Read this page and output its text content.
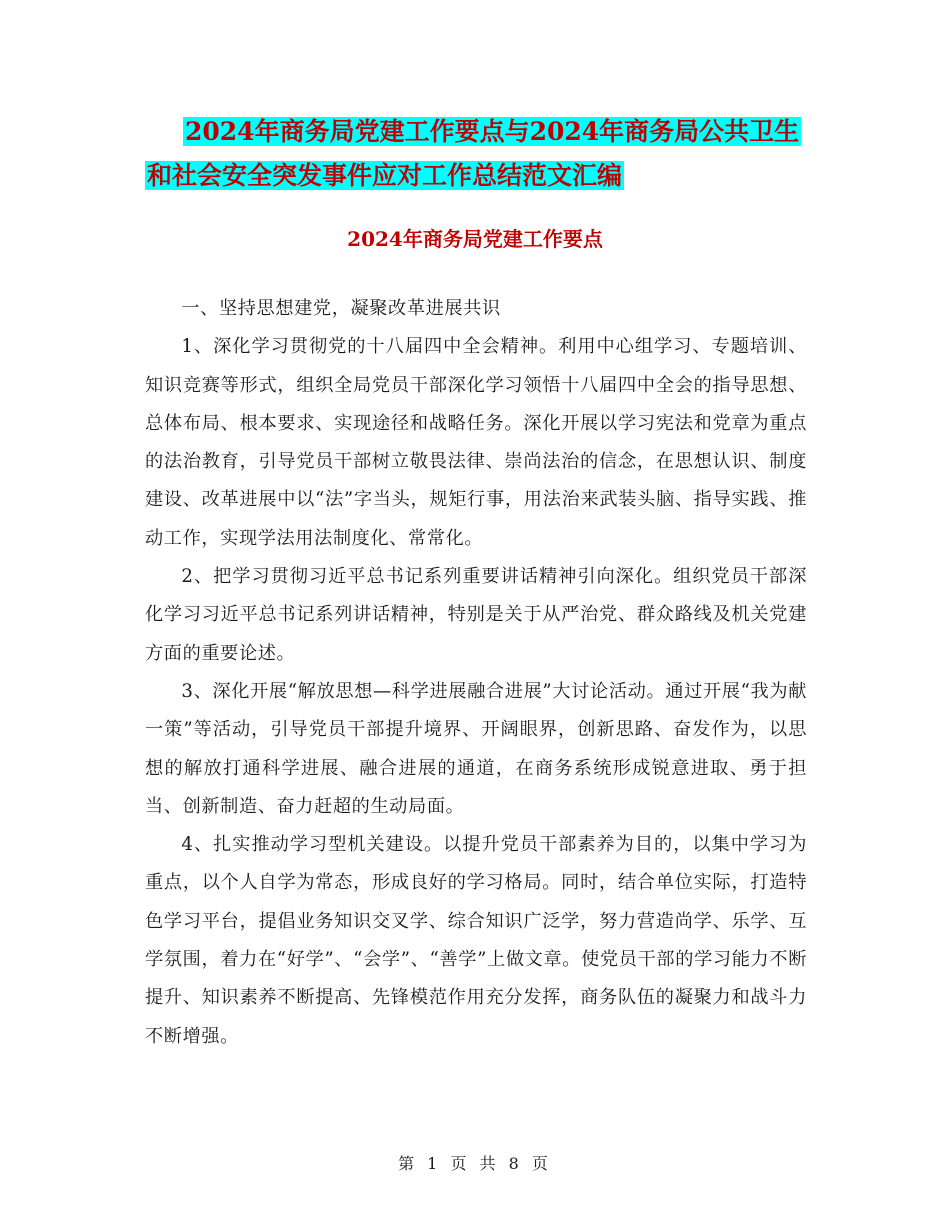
2024年商务局党建工作要点与2024年商务局公共卫生
和社会安全突发事件应对工作总结范文汇编
2024年商务局党建工作要点

一、坚持思想建党，凝聚改革进展共识

1、深化学习贯彻党的十八届四中全会精神。利用中心组学习、专题培训、知识竞赛等形式，组织全局党员干部深化学习领悟十八届四中全会的指导思想、总体布局、根本要求、实现途径和战略任务。深化开展以学习宪法和党章为重点的法治教育，引导党员干部树立敬畏法律、崇尚法治的信念，在思想认识、制度建设、改革进展中以“法”字当头，规矩行事，用法治来武装头脑、指导实践、推动工作，实现学法用法制度化、常常化。

2、把学习贯彻习近平总书记系列重要讲话精神引向深化。组织党员干部深化学习习近平总书记系列讲话精神，特别是关于从严治党、群众路线及机关党建方面的重要论述。

3、深化开展“解放思想—科学进展融合进展”大讨论活动。通过开展“我为献一策”等活动，引导党员干部提升境界、开阔眼界，创新思路、奋发作为，以思想的解放打通科学进展、融合进展的通道，在商务系统形成锐意进取、勇于担当、创新制造、奋力赶超的生动局面。

4、扎实推动学习型机关建设。以提升党员干部素养为目的，以集中学习为重点，以个人自学为常态，形成良好的学习格局。同时，结合单位实际，打造特色学习平台，提倡业务知识交叉学、综合知识广泛学，努力营造尚学、乐学、互学氛围，着力在“好学”、“会学”、“善学”上做文章。使党员干部的学习能力不断提升、知识素养不断提高、先锋模范作用充分发挥，商务队伍的凝聚力和战斗力不断增强。

第 1 页 共 8 页
